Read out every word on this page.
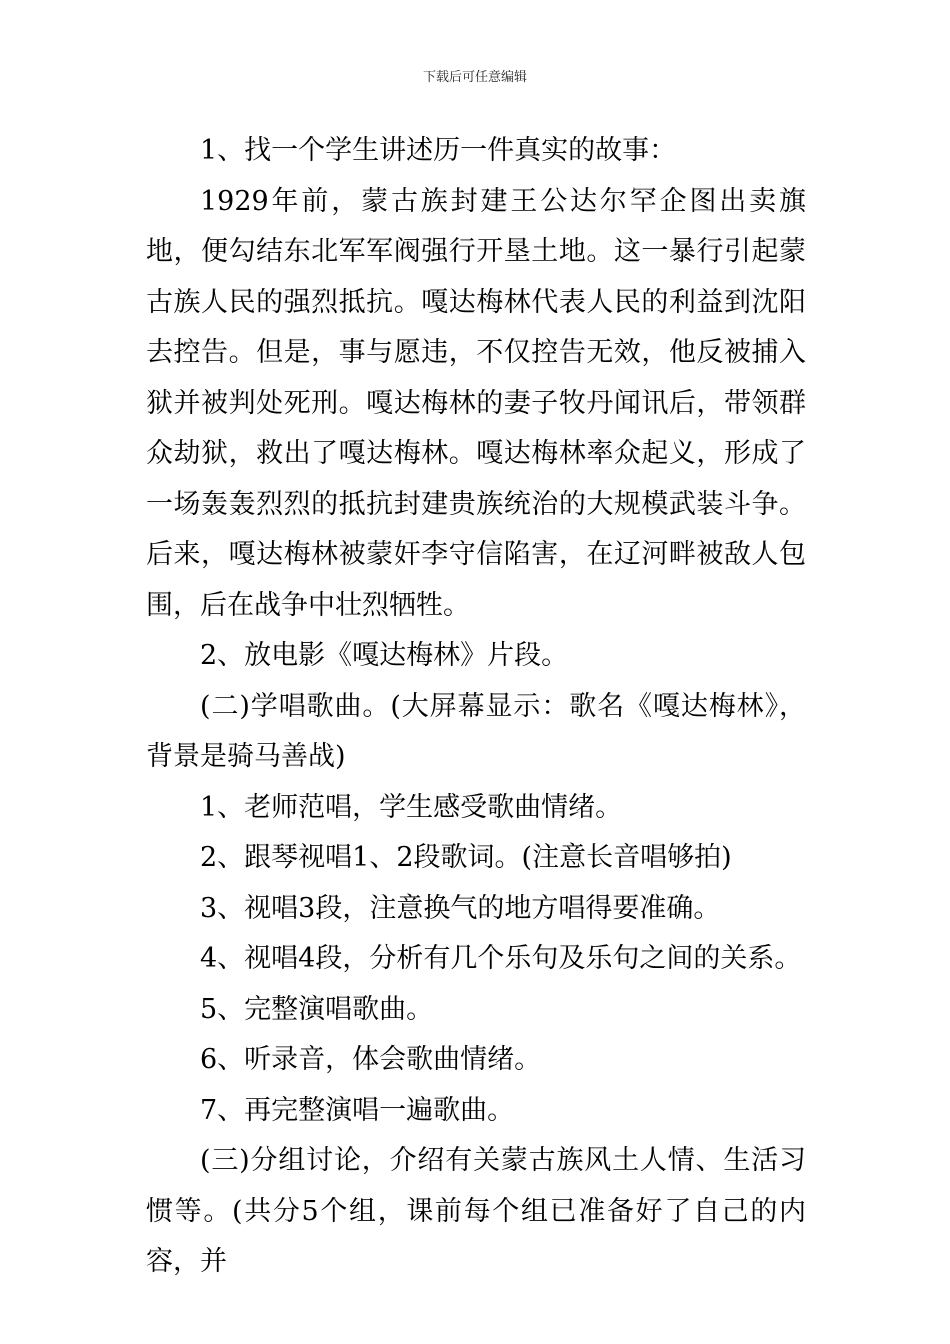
下载后可任意编辑

1、找一个学生讲述历一件真实的故事：

1929年前，蒙古族封建王公达尔罕企图出卖旗地，便勾结东北军军阀强行开垦土地。这一暴行引起蒙古族人民的强烈抵抗。嘎达梅林代表人民的利益到沈阳去控告。但是，事与愿违，不仅控告无效，他反被捕入狱并被判处死刑。嘎达梅林的妻子牧丹闻讯后，带领群众劫狱，救出了嘎达梅林。嘎达梅林率众起义，形成了一场轰轰烈烈的抵抗封建贵族统治的大规模武装斗争。后来，嘎达梅林被蒙奸李守信陷害，在辽河畔被敌人包围，后在战争中壮烈牺牲。

2、放电影《嘎达梅林》片段。

(二)学唱歌曲。(大屏幕显示：歌名《嘎达梅林》，背景是骑马善战)

1、老师范唱，学生感受歌曲情绪。

2、跟琴视唱1、2段歌词。(注意长音唱够拍)

3、视唱3段，注意换气的地方唱得要准确。

4、视唱4段，分析有几个乐句及乐句之间的关系。

5、完整演唱歌曲。

6、听录音，体会歌曲情绪。

7、再完整演唱一遍歌曲。

(三)分组讨论，介绍有关蒙古族风土人情、生活习惯等。(共分5个组，课前每个组已准备好了自己的内容，并
